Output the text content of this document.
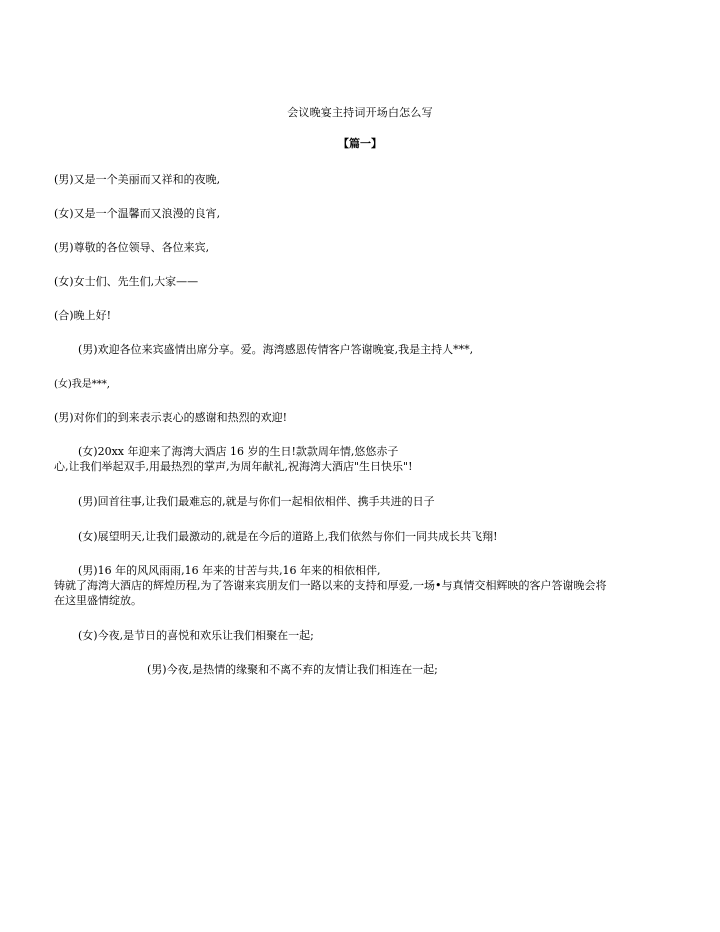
会议晚宴主持词开场白怎么写
【篇一】
(男)又是一个美丽而又祥和的夜晚,
(女)又是一个温馨而又浪漫的良宵,
(男)尊敬的各位领导、各位来宾,
(女)女士们、先生们,大家——
(合)晚上好!
(男)欢迎各位来宾盛情出席分享。爱。海湾感恩传情客户答谢晚宴,我是主持人***,
(女)我是***,
(男)对你们的到来表示衷心的感谢和热烈的欢迎!
(女)20xx 年迎来了海湾大酒店 16 岁的生日!款款周年情,悠悠赤子
心,让我们举起双手,用最热烈的掌声,为周年献礼,祝海湾大酒店"生日快乐"!
(男)回首往事,让我们最难忘的,就是与你们一起相依相伴、携手共进的日子
(女)展望明天,让我们最激动的,就是在今后的道路上,我们依然与你们一同共成长共飞翔!
(男)16 年的风风雨雨,16 年来的甘苦与共,16 年来的相依相伴,
铸就了海湾大酒店的辉煌历程,为了答谢来宾朋友们一路以来的支持和厚爱,一场•与真情交相辉映的客户答谢晚会将
在这里盛情绽放。
(女)今夜,是节日的喜悦和欢乐让我们相聚在一起;
(男)今夜,是热情的缘聚和不离不弃的友情让我们相连在一起;
